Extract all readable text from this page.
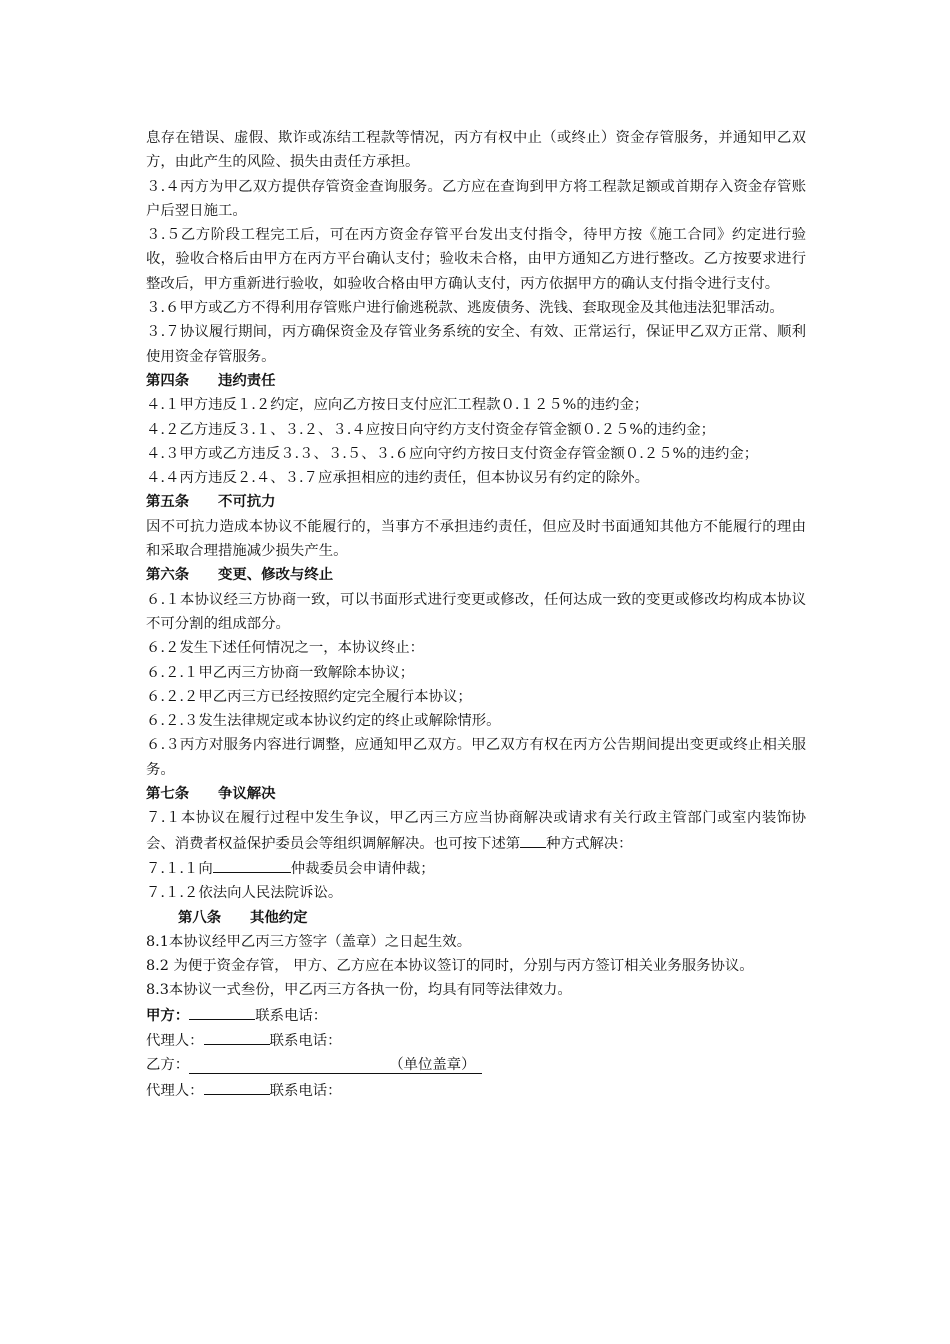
息存在错误、虚假、欺诈或冻结工程款等情况，丙方有权中止（或终止）资金存管服务，并通知甲乙双方，由此产生的风险、损失由责任方承担。

３.４丙方为甲乙双方提供存管资金查询服务。乙方应在查询到甲方将工程款足额或首期存入资金存管账户后翌日施工。

３.５乙方阶段工程完工后，可在丙方资金存管平台发出支付指令，待甲方按《施工合同》约定进行验收，验收合格后由甲方在丙方平台确认支付；验收未合格，由甲方通知乙方进行整改。乙方按要求进行整改后，甲方重新进行验收，如验收合格由甲方确认支付，丙方依据甲方的确认支付指令进行支付。

３.６甲方或乙方不得利用存管账户进行偷逃税款、逃废债务、洗钱、套取现金及其他违法犯罪活动。

３.７协议履行期间，丙方确保资金及存管业务系统的安全、有效、正常运行，保证甲乙双方正常、顺利使用资金存管服务。

第四条　　违约责任

４.１甲方违反１.２约定，应向乙方按日支付应汇工程款０.１２５%的违约金；

４.２乙方违反３.１、３.２、３.４应按日向守约方支付资金存管金额０.２５%的违约金；

４.３甲方或乙方违反３.３、３.５、３.６应向守约方按日支付资金存管金额０.２５%的违约金；

４.４丙方违反２.４、３.７应承担相应的违约责任，但本协议另有约定的除外。

第五条　　不可抗力

因不可抗力造成本协议不能履行的，当事方不承担违约责任，但应及时书面通知其他方不能履行的理由和采取合理措施减少损失产生。

第六条　　变更、修改与终止

６.１本协议经三方协商一致，可以书面形式进行变更或修改，任何达成一致的变更或修改均构成本协议不可分割的组成部分。

６.２发生下述任何情况之一，本协议终止：

６.２.１甲乙丙三方协商一致解除本协议；

６.２.２甲乙丙三方已经按照约定完全履行本协议；

６.２.３发生法律规定或本协议约定的终止或解除情形。

６.３丙方对服务内容进行调整，应通知甲乙双方。甲乙双方有权在丙方公告期间提出变更或终止相关服务。

第七条　　争议解决

７.１本协议在履行过程中发生争议，甲乙丙三方应当协商解决或请求有关行政主管部门或室内装饰协会、消费者权益保护委员会等组织调解解决。也可按下述第 种方式解决：

７.１.１向	仲裁委员会申请仲裁；

７.１.２依法向人民法院诉讼。

第八条　　其他约定

8.1本协议经甲乙丙三方签字（盖章）之日起生效。

8.2 为便于资金存管， 甲方、乙方应在本协议签订的同时，分别与丙方签订相关业务服务协议。

8.3本协议一式叁份，甲乙丙三方各执一份，均具有同等法律效力。

甲方：	联系电话：

代理人：	联系电话：

乙方：	（单位盖章）

代理人：	联系电话：
